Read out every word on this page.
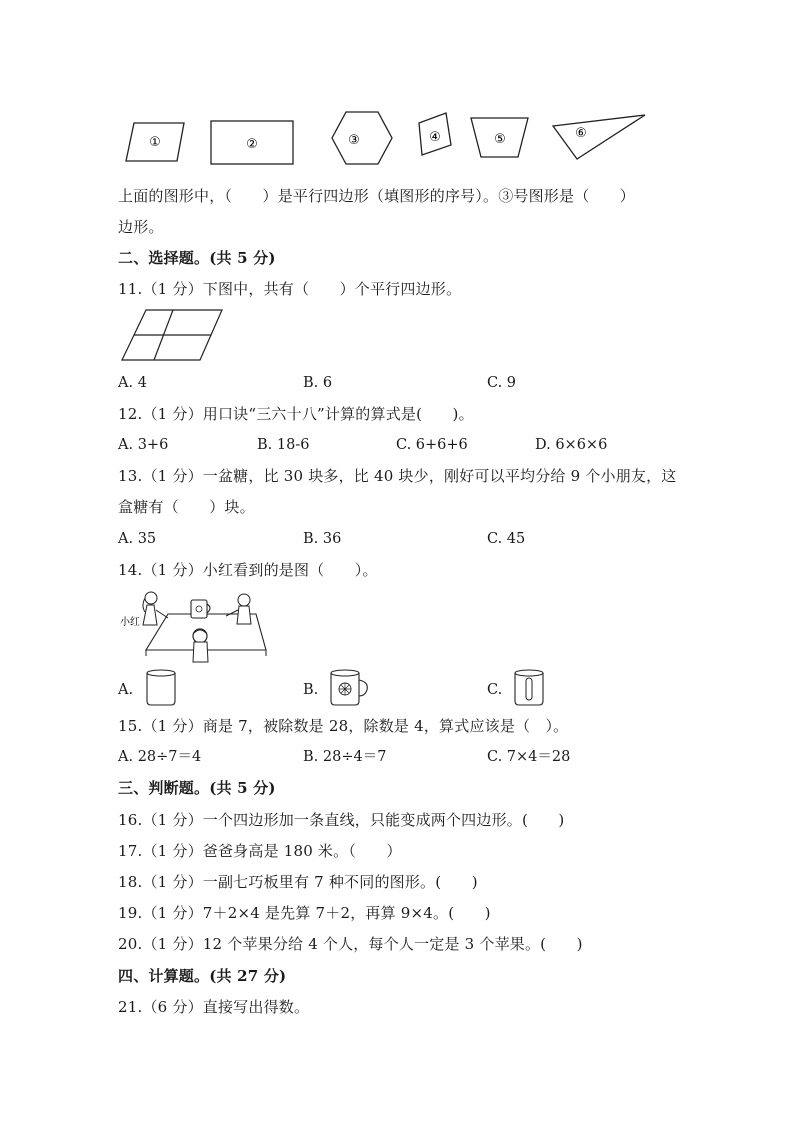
①	②	③	④	⑤	⑥
上面的图形中，（　　）是平行四边形（填图形的序号）。③号图形是（　　）
边形。
二、选择题。(共 5 分)
11.（1 分）下图中，共有（　　）个平行四边形。
A. 4	B. 6	C. 9
12.（1 分）用口诀“三六十八”计算的算式是(　　)。
A. 3+6	B. 18-6	C. 6+6+6	D. 6×6×6
13.（1 分）一盆糖，比 30 块多，比 40 块少，刚好可以平均分给 9 个小朋友，这
盒糖有（　　）块。
A. 35	B. 36	C. 45
14.（1 分）小红看到的是图（　　）。
小红
A.	B.	C.
15.（1 分）商是 7，被除数是 28，除数是 4，算式应该是（　）。
A. 28÷7＝4	B. 28÷4＝7	C. 7×4＝28
三、判断题。(共 5 分)
16.（1 分）一个四边形加一条直线，只能变成两个四边形。(　　)
17.（1 分）爸爸身高是 180 米。（　　）
18.（1 分）一副七巧板里有 7 种不同的图形。(　　)
19.（1 分）7＋2×4 是先算 7＋2，再算 9×4。(　　)
20.（1 分）12 个苹果分给 4 个人，每个人一定是 3 个苹果。(　　)
四、计算题。(共 27 分)
21.（6 分）直接写出得数。
